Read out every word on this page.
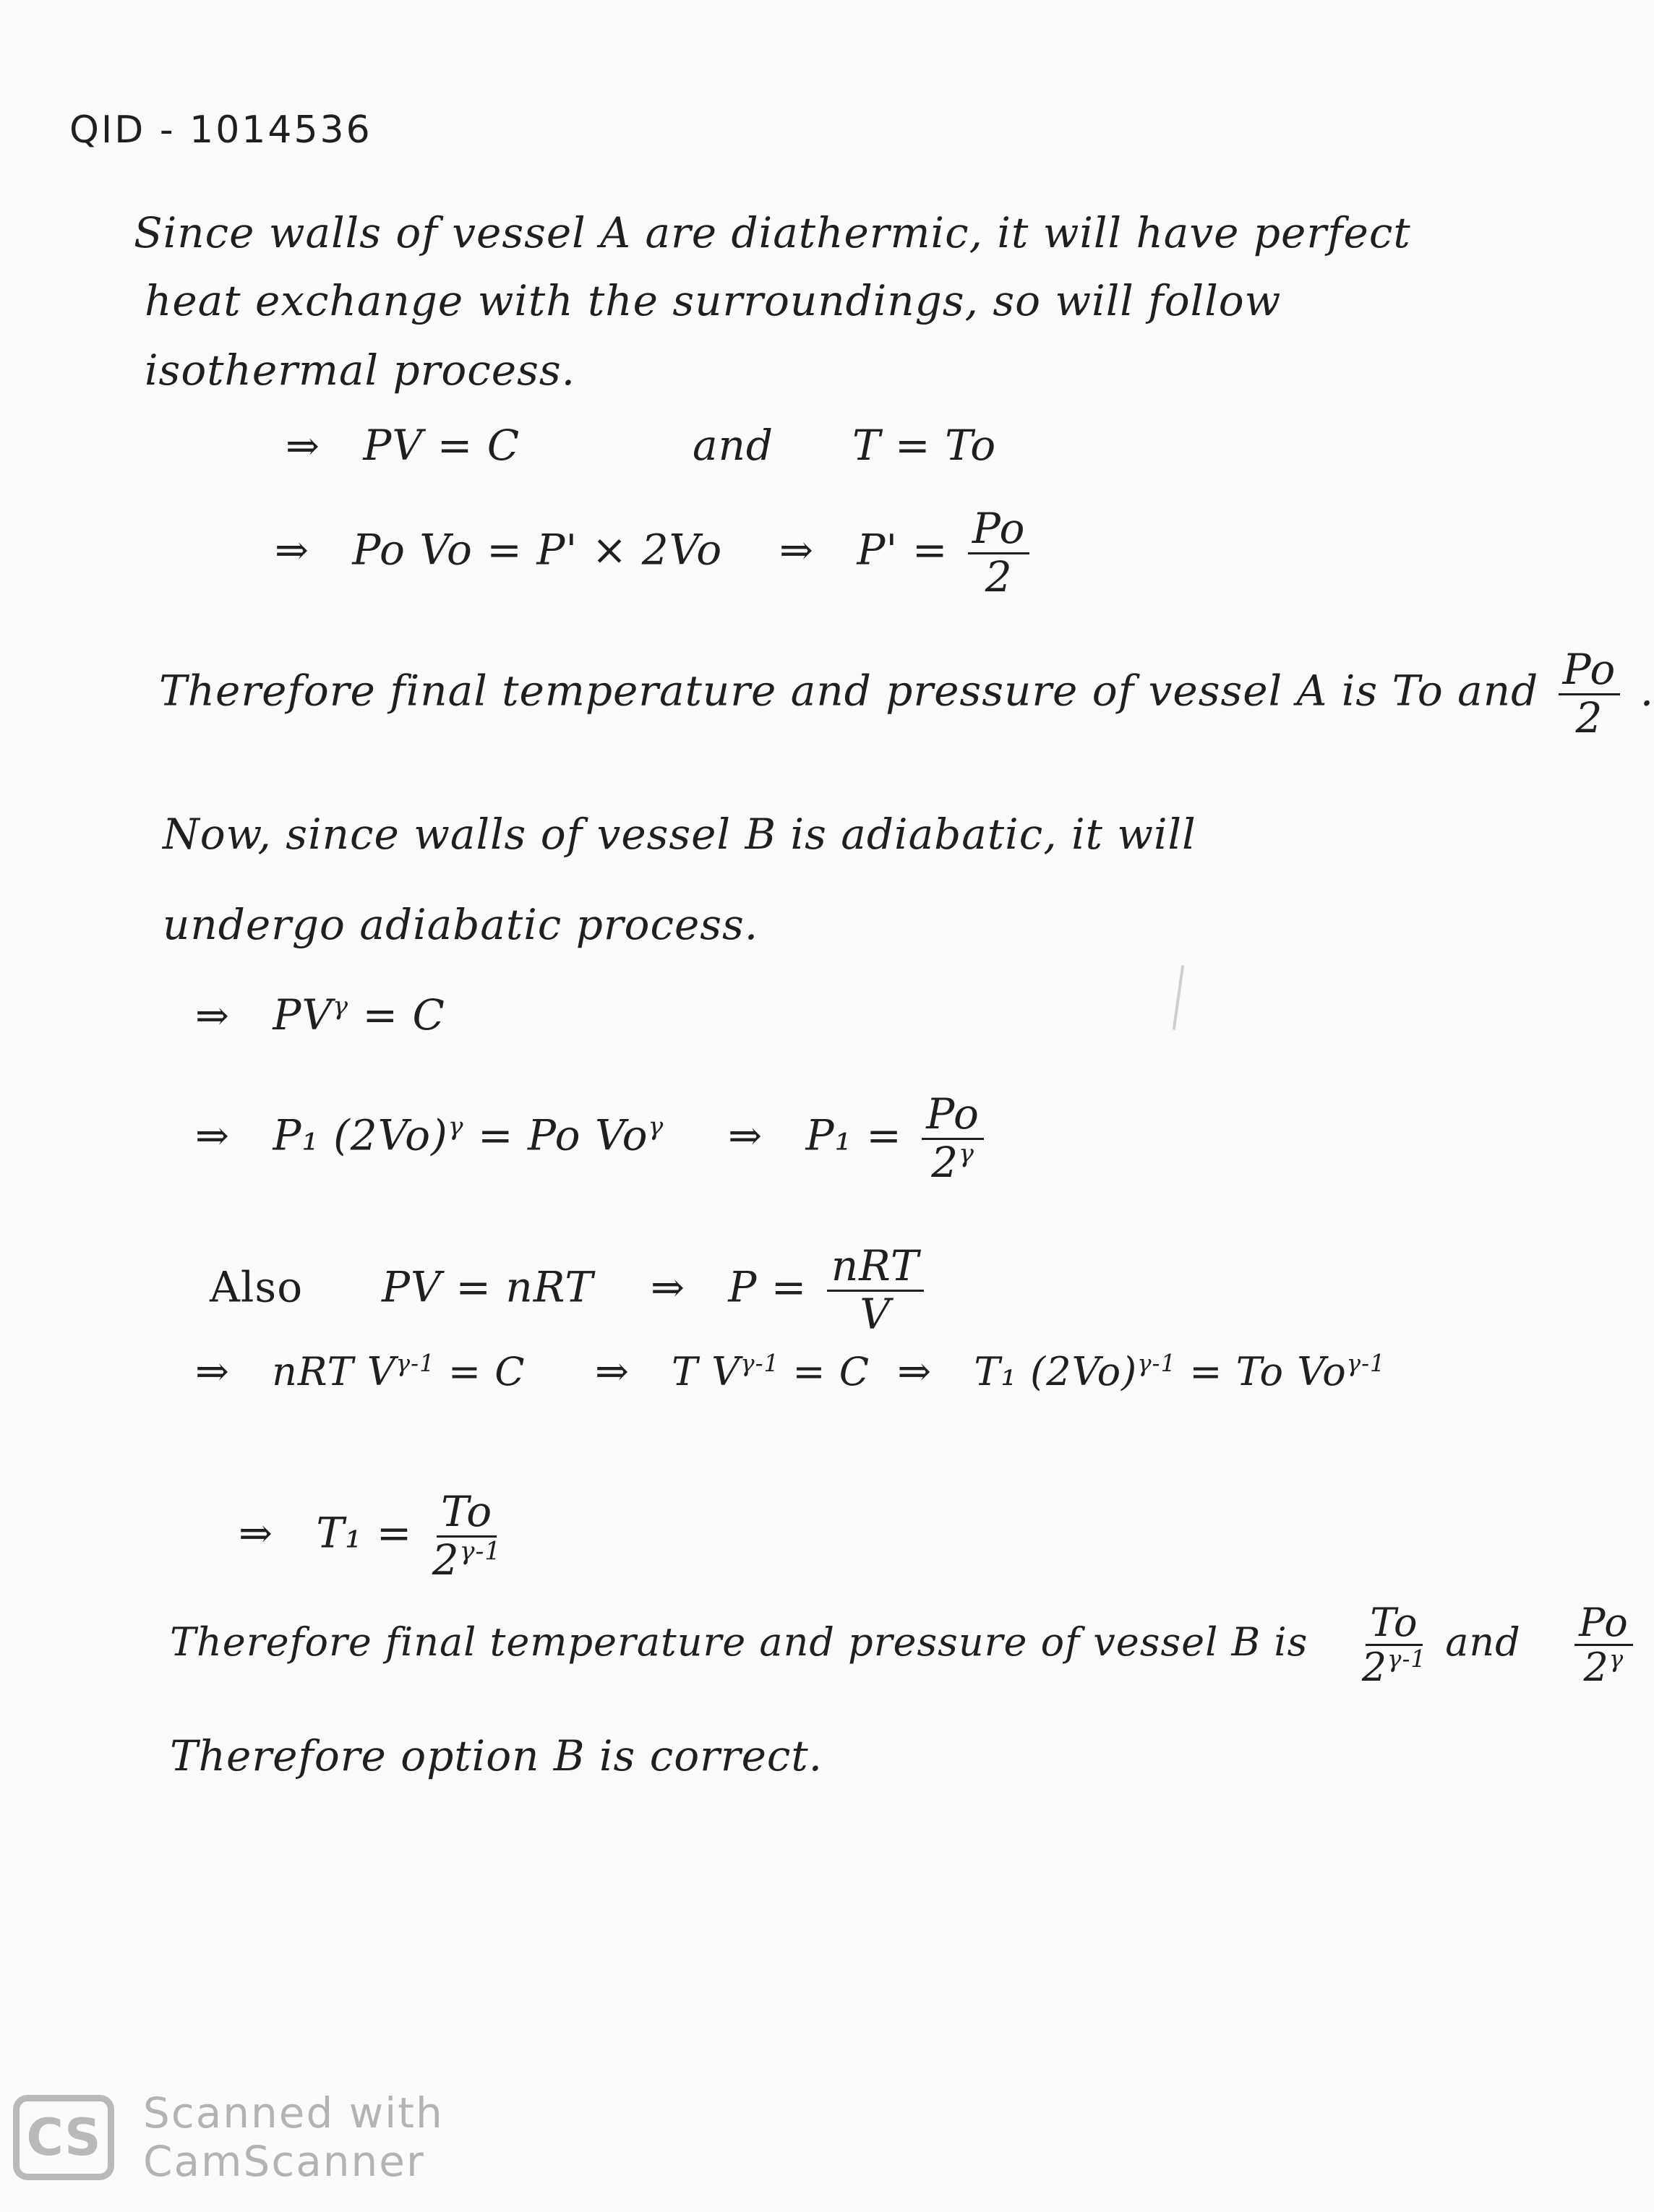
QID - 1014536
Since walls of vessel A are diathermic, it will have perfect
heat exchange with the surroundings, so will follow
isothermal process.
⇒ PV = C	and T = To
⇒ Po Vo = P' × 2Vo ⇒ $P' = \frac{Po}{2}$
Therefore final temperature and pressure of vessel A is To and $\frac{Po}{2}$ .
Now, since walls of vessel B is adiabatic, it will
undergo adiabatic process.
⇒ $PV^\gamma = C$
⇒ P₁ $(2Vo)^\gamma = Po$ $Vo^\gamma$ ⇒ $P_1 = \frac{Po}{2^\gamma}$
Also PV = nRT ⇒ $P = \frac{\text{nRT}}{V}$
⇒ nRT $V^{\gamma-1} = C$ ⇒ T $V^{\gamma-1} = C$ ⇒ T₁ $(2Vo)^{\gamma-1} = To$ $Vo^{\gamma-1}$
⇒ $T_1 = \frac{To}{2^{\gamma-1}}$
Therefore final temperature and pressure of vessel B is $\frac{To}{2^{\gamma-1}}$ and $\frac{Po}{2^\gamma}$
Therefore option B is correct.
CS	Scanned with
CamScanner
